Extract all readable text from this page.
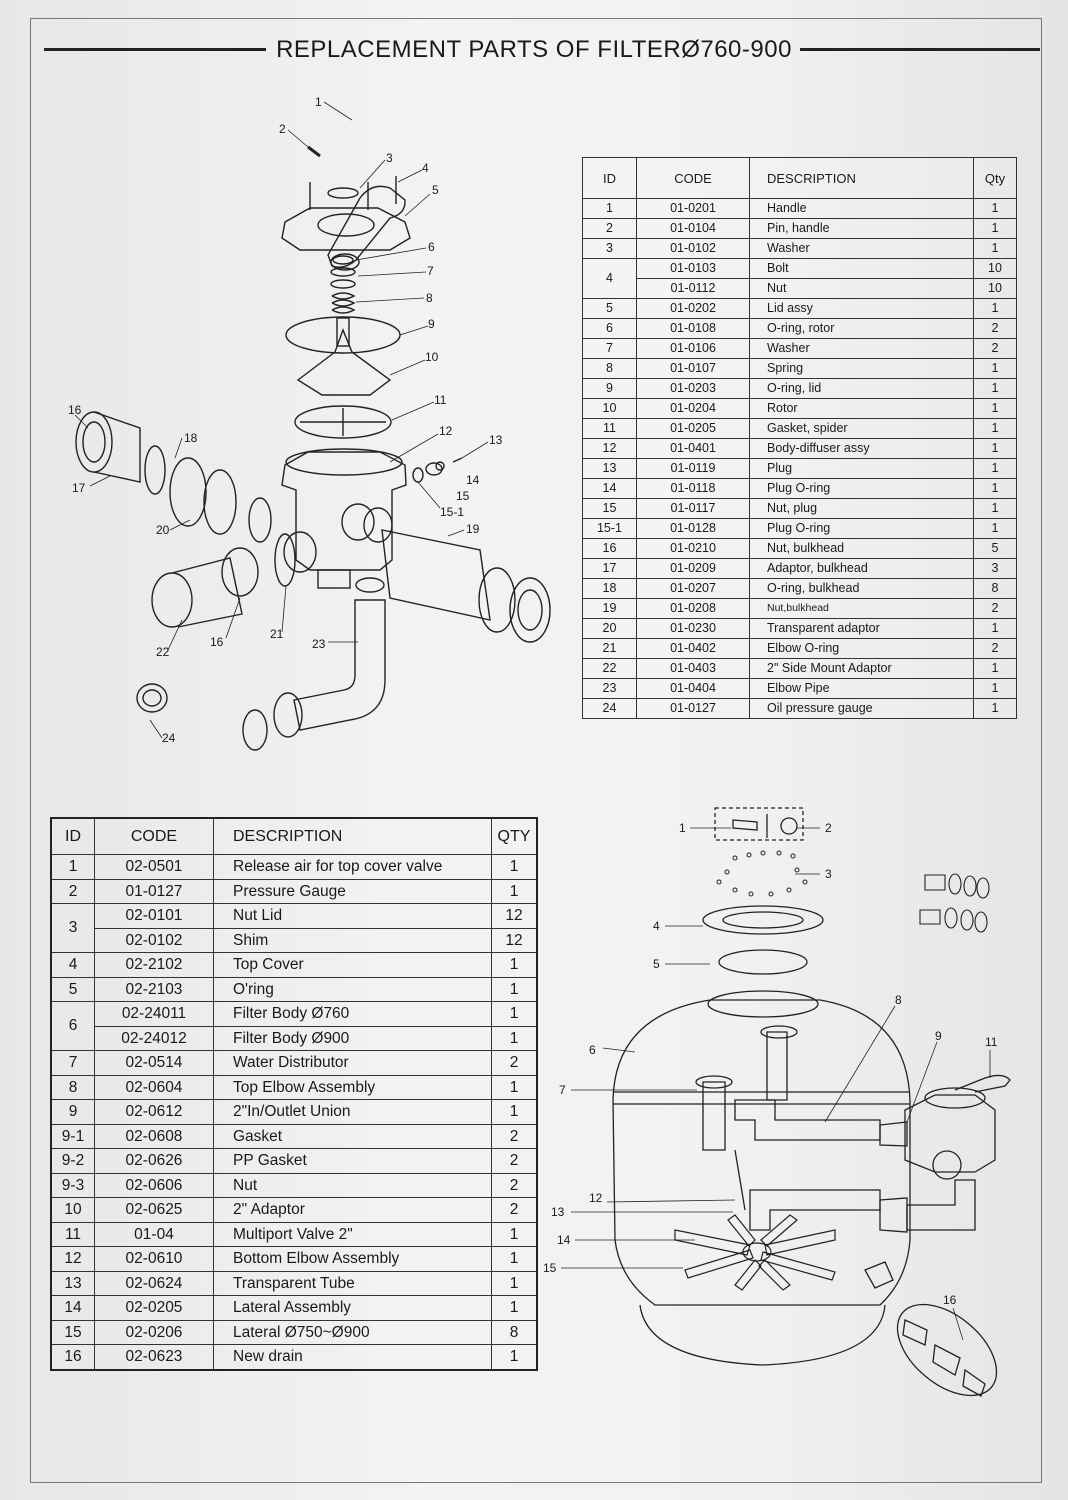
REPLACEMENT PARTS OF FILTERØ760-900
1
2
3
4
5
6
7
8
9
10
11
12
13
14
15
15-1
16
17
18
19
20
21
22
16	23
24
ID	CODE	DESCRIPTION	Qty
1	01-0201	Handle	1
2	01-0104	Pin, handle	1
3	01-0102	Washer	1
4	01-0103	Bolt	10
	01-0112	Nut	10
5	01-0202	Lid assy	1
6	01-0108	O-ring, rotor	2
7	01-0106	Washer	2
8	01-0107	Spring	1
9	01-0203	O-ring, lid	1
10	01-0204	Rotor	1
11	01-0205	Gasket, spider	1
12	01-0401	Body-diffuser assy	1
13	01-0119	Plug	1
14	01-0118	Plug O-ring	1
15	01-0117	Nut, plug	1
15-1	01-0128	Plug O-ring	1
16	01-0210	Nut, bulkhead	5
17	01-0209	Adaptor, bulkhead	3
18	01-0207	O-ring, bulkhead	8
19	01-0208	Nut,bulkhead	2
20	01-0230	Transparent adaptor	1
21	01-0402	Elbow O-ring	2
22	01-0403	2" Side Mount Adaptor	1
23	01-0404	Elbow Pipe	1
24	01-0127	Oil pressure gauge	1
ID	CODE	DESCRIPTION	QTY
1	02-0501	Release air for top cover valve	1
2	01-0127	Pressure Gauge	1
3	02-0101	Nut Lid	12
	02-0102	Shim	12
4	02-2102	Top Cover	1
5	02-2103	O'ring	1
6	02-24011	Filter Body Ø760	1
	02-24012	Filter Body Ø900	1
7	02-0514	Water Distributor	2
8	02-0604	Top Elbow Assembly	1
9	02-0612	2"In/Outlet Union	1
9-1	02-0608	Gasket	2
9-2	02-0626	PP Gasket	2
9-3	02-0606	Nut	2
10	02-0625	2" Adaptor	2
11	01-04	Multiport Valve 2"	1
12	02-0610	Bottom Elbow Assembly	1
13	02-0624	Transparent Tube	1
14	02-0205	Lateral Assembly	1
15	02-0206	Lateral Ø750~Ø900	8
16	02-0623	New drain	1
1	2
3
4
5
6
7
8
9	11
12
13
14
15
16
